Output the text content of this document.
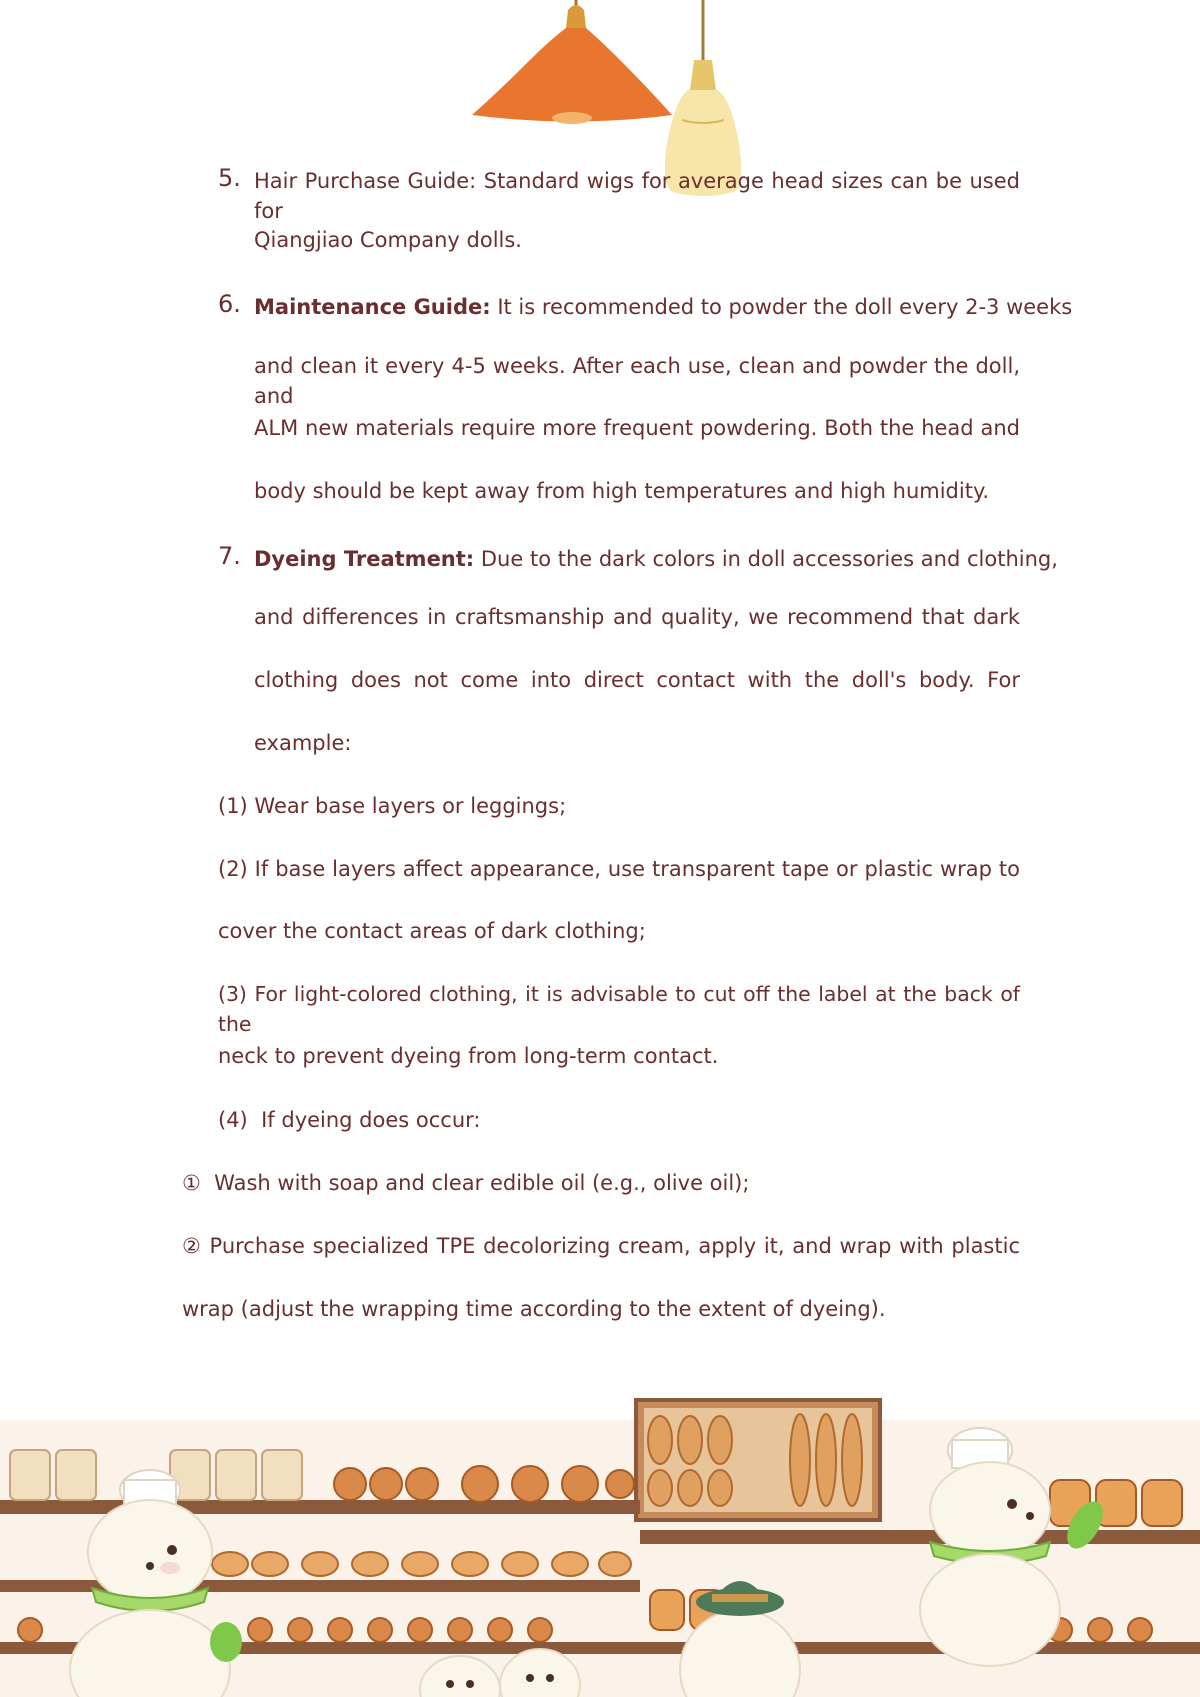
5. Hair Purchase Guide: Standard wigs for average head sizes can be used for
Qiangjiao Company dolls.
6. Maintenance Guide: It is recommended to powder the doll every 2-3 weeks
and clean it every 4-5 weeks. After each use, clean and powder the doll, and
ALM new materials require more frequent powdering. Both the head and
body should be kept away from high temperatures and high humidity.
7. Dyeing Treatment: Due to the dark colors in doll accessories and clothing,
and differences in craftsmanship and quality, we recommend that dark
clothing does not come into direct contact with the doll's body. For
example:
(1) Wear base layers or leggings;
(2) If base layers affect appearance, use transparent tape or plastic wrap to
cover the contact areas of dark clothing;
(3) For light-colored clothing, it is advisable to cut off the label at the back of the
neck to prevent dyeing from long-term contact.
(4)  If dyeing does occur:
①  Wash with soap and clear edible oil (e.g., olive oil);
② Purchase specialized TPE decolorizing cream, apply it, and wrap with plastic
wrap (adjust the wrapping time according to the extent of dyeing).
